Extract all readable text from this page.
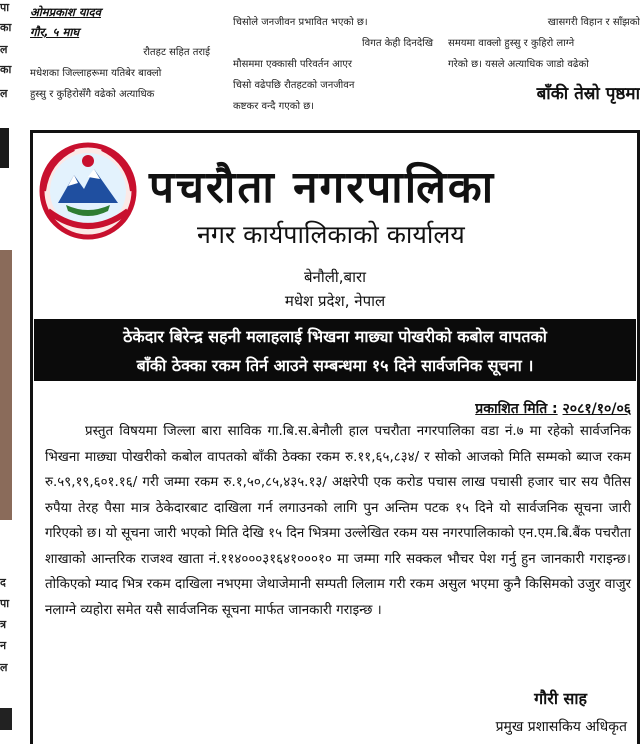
पा
का
ल
का
ल
द
पा
त्र
न
ल
ओमप्रकाश यादव
गौर, ५ माघ
रौतहट सहित तराई
मधेशका जिल्लाहरूमा यतिबेर बाक्लो
हुस्सु र कुहिरोसँगै वढेको अत्याधिक
चिसोले जनजीवन प्रभावित भएको छ।
विगत केही दिनदेखि
मौसममा एक्कासी परिवर्तन आएर
चिसो वढेपछि रौतहटको जनजीवन
कष्टकर वन्दै गएको छ।
खासगरी विहान र साँझको
समयमा वाक्लो हुस्सु र कुहिरो लाग्ने
गरेको छ। यसले अत्याधिक जाडो वढेको
बाँकी तेस्रो पृष्ठमा
पचरौता नगरपालिका
नगर कार्यपालिकाको कार्यालय
बेनौली,बारा
मधेश प्रदेश, नेपाल
ठेकेदार बिरेन्द्र सहनी मलाहलाई भिखना माछ्या पोखरीको कबोल वापतको
बाँकी ठेक्का रकम तिर्न आउने सम्बन्धमा १५ दिने सार्वजनिक सूचना ।
प्रकाशित मिति : २०८१/१०/०६

प्रस्तुत विषयमा जिल्ला बारा साविक गा.बि.स.बेनौली हाल पचरौता नगरपालिका वडा नं.७ मा रहेको सार्वजनिक भिखना माछ्या पोखरीको कबोल वापतको बाँकी ठेक्का रकम रु.११,६५,८३४/ र सोको आजको मिति सम्मको ब्याज रकम रु.५९,१९,६०१.१६/ गरी जम्मा रकम रु.१,५०,८५,४३५.१३/ अक्षरेपी एक करोड पचास लाख पचासी हजार चार सय पैतिस रुपैया तेरह पैसा मात्र ठेकेदारबाट दाखिला गर्न लगाउनको लागि पुन अन्तिम पटक १५ दिने यो सार्वजनिक सूचना जारी गरिएको छ। यो सूचना जारी भएको मिति देखि १५ दिन भित्रमा उल्लेखित रकम यस नगरपालिकाको एन.एम.बि.बैंक पचरौता शाखाको आन्तरिक राजश्व खाता नं.११४०००३१६४१०००१० मा जम्मा गरि सक्कल भौचर पेश गर्नु हुन जानकारी गराइन्छ। तोकिएको म्याद भित्र रकम दाखिला नभएमा जेथाजेमानी सम्पती लिलाम गरी रकम असुल भएमा कुनै किसिमको उजुर वाजुर नलाग्ने व्यहोरा समेत यसै सार्वजनिक सूचना मार्फत जानकारी गराइन्छ ।

गौरी साह
प्रमुख प्रशासकिय अधिकृत
